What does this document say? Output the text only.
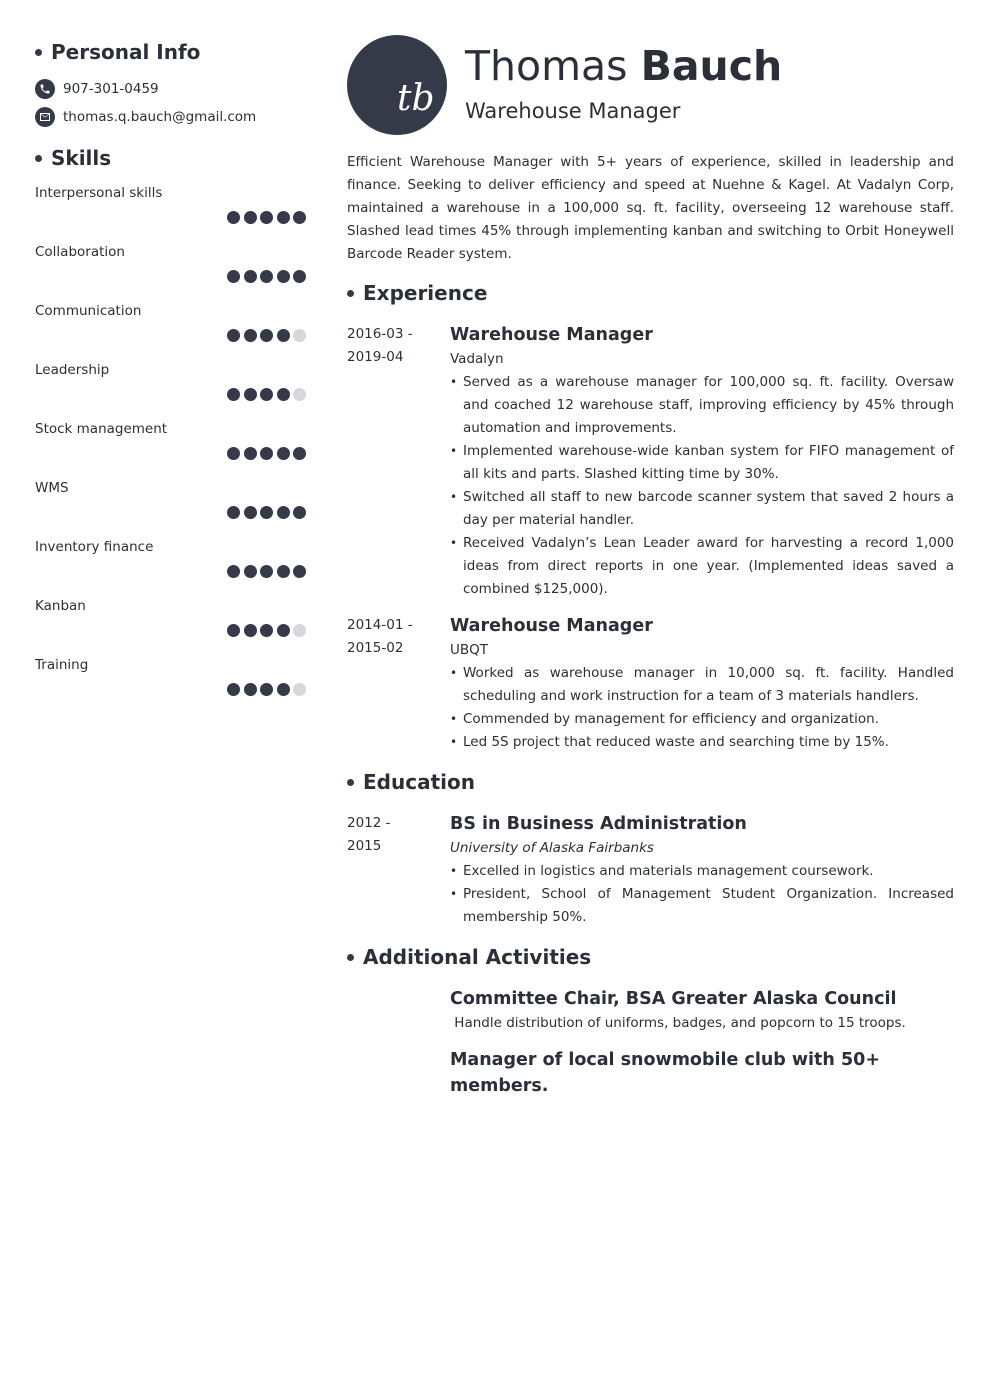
Personal Info
907-301-0459
thomas.q.bauch@gmail.com
Skills
Interpersonal skills
Collaboration
Communication
Leadership
Stock management
WMS
Inventory finance
Kanban
Training
tb
Thomas Bauch
Warehouse Manager
Efficient Warehouse Manager with 5+ years of experience, skilled in leadership and finance. Seeking to deliver efficiency and speed at Nuehne & Kagel. At Vadalyn Corp, maintained a warehouse in a 100,000 sq. ft. facility, overseeing 12 warehouse staff. Slashed lead times 45% through implementing kanban and switching to Orbit Honeywell Barcode Reader system.
Experience
2016-03 -
2019-04
Warehouse Manager
Vadalyn
• Served as a warehouse manager for 100,000 sq. ft. facility. Oversaw and coached 12 warehouse staff, improving efficiency by 45% through automation and improvements.
• Implemented warehouse-wide kanban system for FIFO management of all kits and parts. Slashed kitting time by 30%.
• Switched all staff to new barcode scanner system that saved 2 hours a day per material handler.
• Received Vadalyn’s Lean Leader award for harvesting a record 1,000 ideas from direct reports in one year. (Implemented ideas saved a combined $125,000).
2014-01 -
2015-02
Warehouse Manager
UBQT
• Worked as warehouse manager in 10,000 sq. ft. facility. Handled scheduling and work instruction for a team of 3 materials handlers.
• Commended by management for efficiency and organization.
• Led 5S project that reduced waste and searching time by 15%.
Education
2012 -
2015
BS in Business Administration
University of Alaska Fairbanks
• Excelled in logistics and materials management coursework.
• President, School of Management Student Organization. Increased membership 50%.
Additional Activities
Committee Chair, BSA Greater Alaska Council
Handle distribution of uniforms, badges, and popcorn to 15 troops.
Manager of local snowmobile club with 50+ members.
